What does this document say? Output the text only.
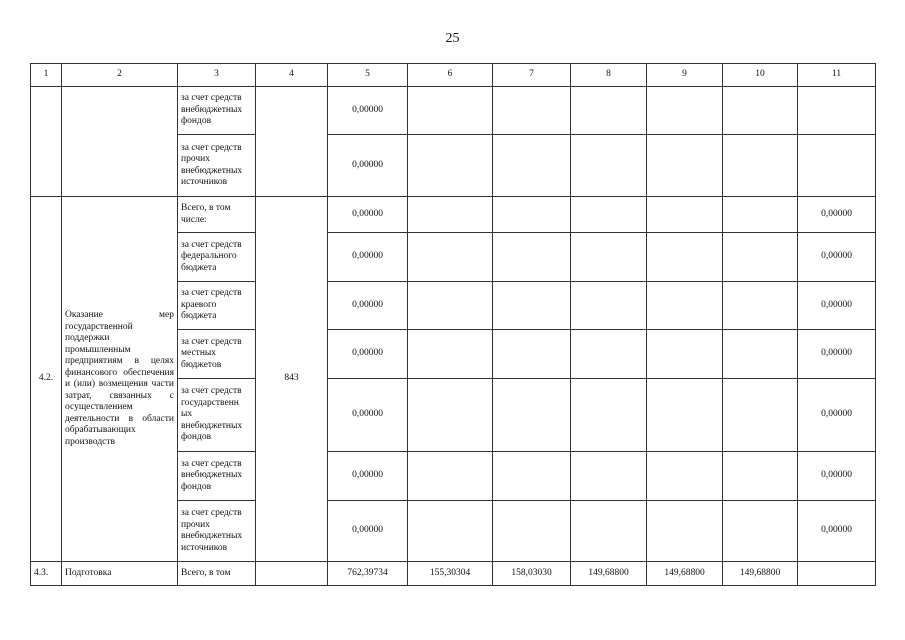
25
1	2	3	4	5	6	7	8	9	10	11
		за счет средств внебюджетных фондов		0,00000						
		за счет средств прочих внебюджетных источников		0,00000						
4.2.	Оказание мер государственной поддержки промышленным предприятиям в целях финансового обеспечения и (или) возмещения части затрат, связанных с осуществлением деятельности в области обрабатывающих производств	Всего, в том числе:	843	0,00000						0,00000
		за счет средств федерального бюджета		0,00000						0,00000
		за счет средств краевого бюджета		0,00000						0,00000
		за счет средств местных бюджетов		0,00000						0,00000
		за счет средств государственн ых внебюджетных фондов		0,00000						0,00000
		за счет средств внебюджетных фондов		0,00000						0,00000
		за счет средств прочих внебюджетных источников		0,00000						0,00000
4.3.	Подготовка	Всего, в том		762,39734	155,30304	158,03030	149,68800	149,68800	149,68800	
